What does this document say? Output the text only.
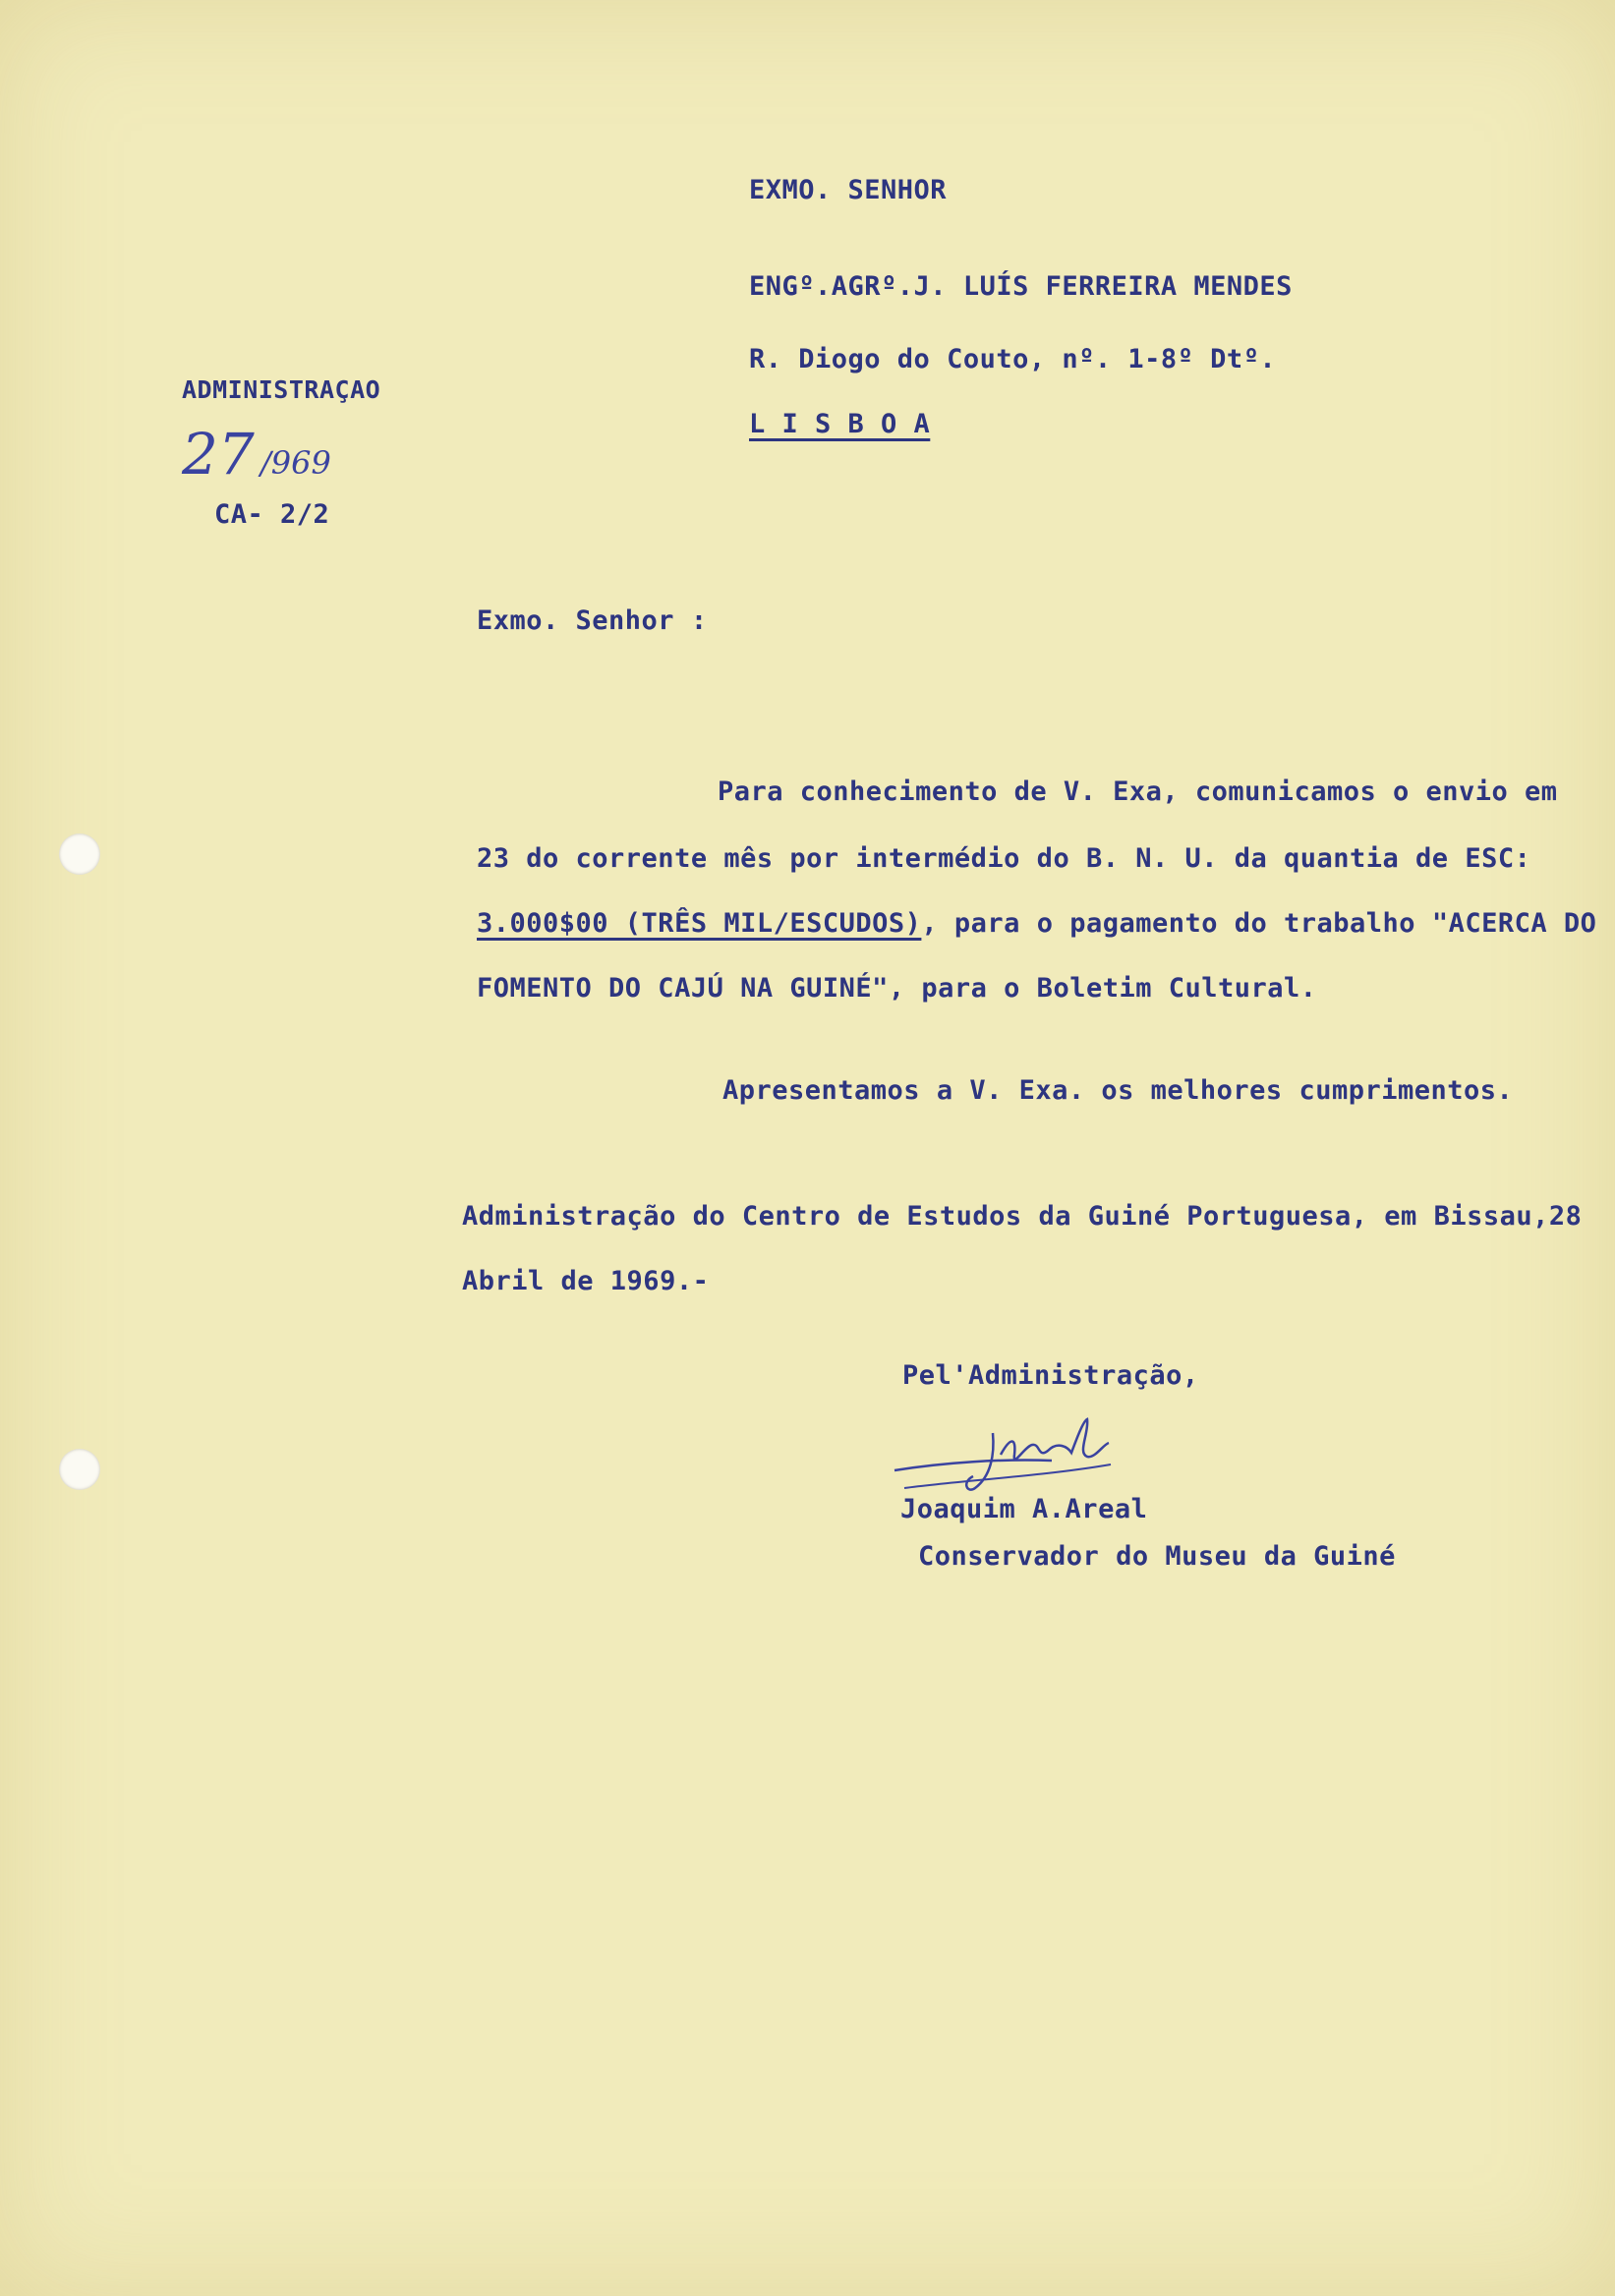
EXMO. SENHOR
ENGº.AGRº.J. LUÍS FERREIRA MENDES
R. Diogo do Couto, nº. 1-8º Dtº.
L I S B O A
ADMINISTRAÇAO
27 /969
CA- 2/2
Exmo. Senhor :
Para conhecimento de V. Exa, comunicamos o envio em
23 do corrente mês por intermédio do B. N. U. da quantia de ESC:
3.000$00 (TRÊS MIL/ESCUDOS), para o pagamento do trabalho "ACERCA DO
FOMENTO DO CAJÚ NA GUINÉ", para o Boletim Cultural.
Apresentamos a V. Exa. os melhores cumprimentos.
Administração do Centro de Estudos da Guiné Portuguesa, em Bissau,28
Abril de 1969.-
Pel'Administração,
Joaquim A.Areal
Conservador do Museu da Guiné
